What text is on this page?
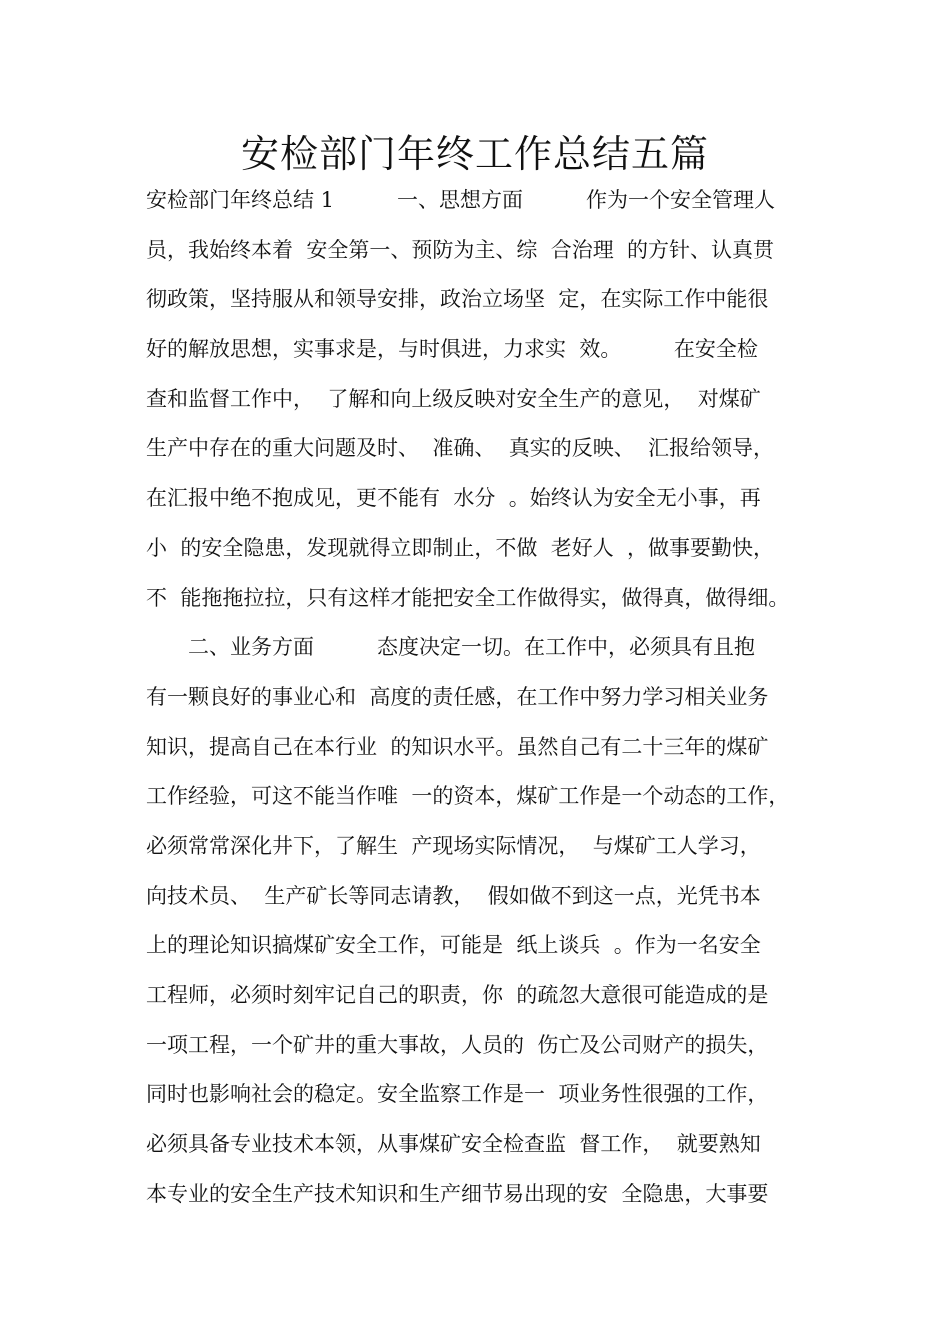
安检部门年终工作总结五篇
安检部门年终总结 1　　　一、思想方面　　　作为一个安全管理人
员，我始终本着  安全第一、预防为主、综  合治理  的方针、认真贯
彻政策，坚持服从和领导安排，政治立场坚  定，在实际工作中能很
好的解放思想，实事求是，与时俱进，力求实  效。　　　在安全检
查和监督工作中，  了解和向上级反映对安全生产的意见，  对煤矿
生产中存在的重大问题及时、  准确、  真实的反映、  汇报给领导，
在汇报中绝不抱成见，更不能有  水分  。始终认为安全无小事，再
小  的安全隐患，发现就得立即制止，不做  老好人  ，做事要勤快，
不  能拖拖拉拉，只有这样才能把安全工作做得实，做得真，做得细。
　　二、业务方面　　　态度决定一切。在工作中，必须具有且抱
有一颗良好的事业心和  高度的责任感，在工作中努力学习相关业务
知识，提高自己在本行业  的知识水平。虽然自己有二十三年的煤矿
工作经验，可这不能当作唯  一的资本，煤矿工作是一个动态的工作，
必须常常深化井下，了解生  产现场实际情况，  与煤矿工人学习，
向技术员、  生产矿长等同志请教，  假如做不到这一点，光凭书本
上的理论知识搞煤矿安全工作，可能是  纸上谈兵  。作为一名安全
工程师，必须时刻牢记自己的职责，你  的疏忽大意很可能造成的是
一项工程，一个矿井的重大事故，人员的  伤亡及公司财产的损失，
同时也影响社会的稳定。安全监察工作是一  项业务性很强的工作，
必须具备专业技术本领，从事煤矿安全检查监  督工作，  就要熟知
本专业的安全生产技术知识和生产细节易出现的安  全隐患，大事要
